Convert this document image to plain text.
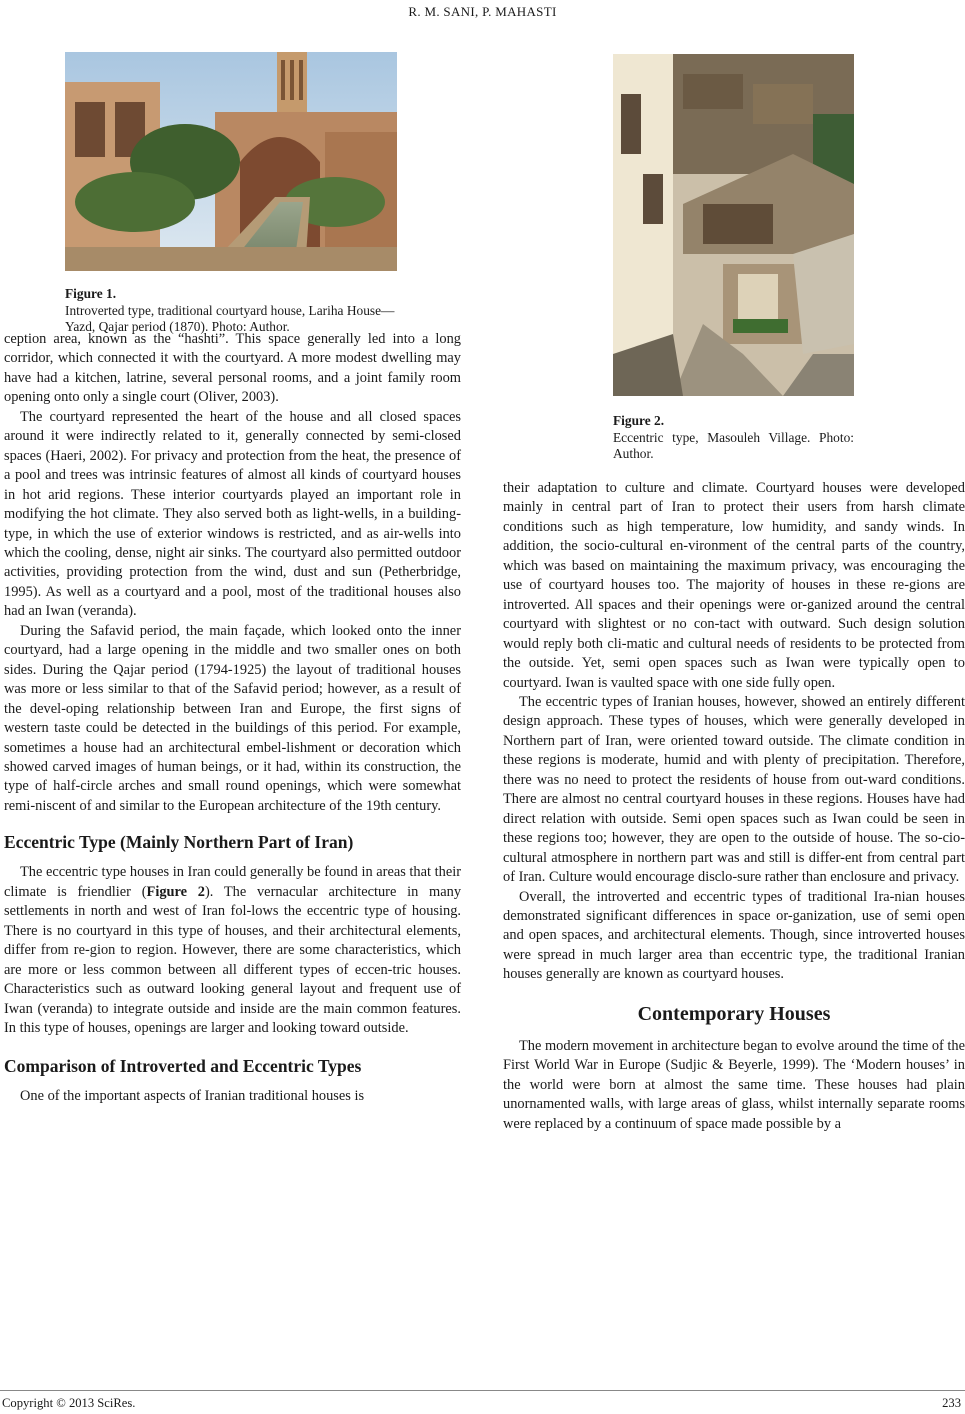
R. M. SANI, P. MAHASTI
Figure 1.
Introverted type, traditional courtyard house, Lariha House—Yazd, Qajar period (1870). Photo: Author.
Figure 2.
Eccentric type, Masouleh Village. Photo: Author.

ception area, known as the “hashti”. This space generally led into a long corridor, which connected it with the courtyard. A more modest dwelling may have had a kitchen, latrine, several personal rooms, and a joint family room opening onto only a single court (Oliver, 2003).

The courtyard represented the heart of the house and all closed spaces around it were indirectly related to it, generally connected by semi-closed spaces (Haeri, 2002). For privacy and protection from the heat, the presence of a pool and trees was intrinsic features of almost all kinds of courtyard houses in hot arid regions. These interior courtyards played an important role in modifying the hot climate. They also served both as light-wells, in a building-type, in which the use of exterior windows is restricted, and as air-wells into which the cooling, dense, night air sinks. The courtyard also permitted outdoor activities, providing protection from the wind, dust and sun (Petherbridge, 1995). As well as a courtyard and a pool, most of the traditional houses also had an Iwan (veranda).

During the Safavid period, the main façade, which looked onto the inner courtyard, had a large opening in the middle and two smaller ones on both sides. During the Qajar period (1794-1925) the layout of traditional houses was more or less similar to that of the Safavid period; however, as a result of the devel-oping relationship between Iran and Europe, the first signs of western taste could be detected in the buildings of this period. For example, sometimes a house had an architectural embel-lishment or decoration which showed carved images of human beings, or it had, within its construction, the type of half-circle arches and small round openings, which were somewhat remi-niscent of and similar to the European architecture of the 19th century.

Eccentric Type (Mainly Northern Part of Iran)

The eccentric type houses in Iran could generally be found in areas that their climate is friendlier (Figure 2). The vernacular architecture in many settlements in north and west of Iran fol-lows the eccentric type of housing. There is no courtyard in this type of houses, and their architectural elements, differ from re-gion to region. However, there are some characteristics, which are more or less common between all different types of eccen-tric houses. Characteristics such as outward looking general layout and frequent use of Iwan (veranda) to integrate outside and inside are the main common features. In this type of houses, openings are larger and looking toward outside.

Comparison of Introverted and Eccentric Types

One of the important aspects of Iranian traditional houses is

their adaptation to culture and climate. Courtyard houses were developed mainly in central part of Iran to protect their users from harsh climate conditions such as high temperature, low humidity, and sandy winds. In addition, the socio-cultural en-vironment of the central parts of the country, which was based on maintaining the maximum privacy, was encouraging the use of courtyard houses too. The majority of houses in these re-gions are introverted. All spaces and their openings were or-ganized around the central courtyard with slightest or no con-tact with outward. Such design solution would reply both cli-matic and cultural needs of residents to be protected from the outside. Yet, semi open spaces such as Iwan were typically open to courtyard. Iwan is vaulted space with one side fully open.

The eccentric types of Iranian houses, however, showed an entirely different design approach. These types of houses, which were generally developed in Northern part of Iran, were oriented toward outside. The climate condition in these regions is moderate, humid and with plenty of precipitation. Therefore, there was no need to protect the residents of house from out-ward conditions. There are almost no central courtyard houses in these regions. Houses have had direct relation with outside. Semi open spaces such as Iwan could be seen in these regions too; however, they are open to the outside of house. The so-cio-cultural atmosphere in northern part was and still is differ-ent from central part of Iran. Culture would encourage disclo-sure rather than enclosure and privacy.

Overall, the introverted and eccentric types of traditional Ira-nian houses demonstrated significant differences in space or-ganization, use of semi open and open spaces, and architectural elements. Though, since introverted houses were spread in much larger area than eccentric type, the traditional Iranian houses generally are known as courtyard houses.

Contemporary Houses

The modern movement in architecture began to evolve around the time of the First World War in Europe (Sudjic & Beyerle, 1999). The ‘Modern houses’ in the world were born at almost the same time. These houses had plain unornamented walls, with large areas of glass, whilst internally separate rooms were replaced by a continuum of space made possible by a

Copyright © 2013 SciRes.	233
